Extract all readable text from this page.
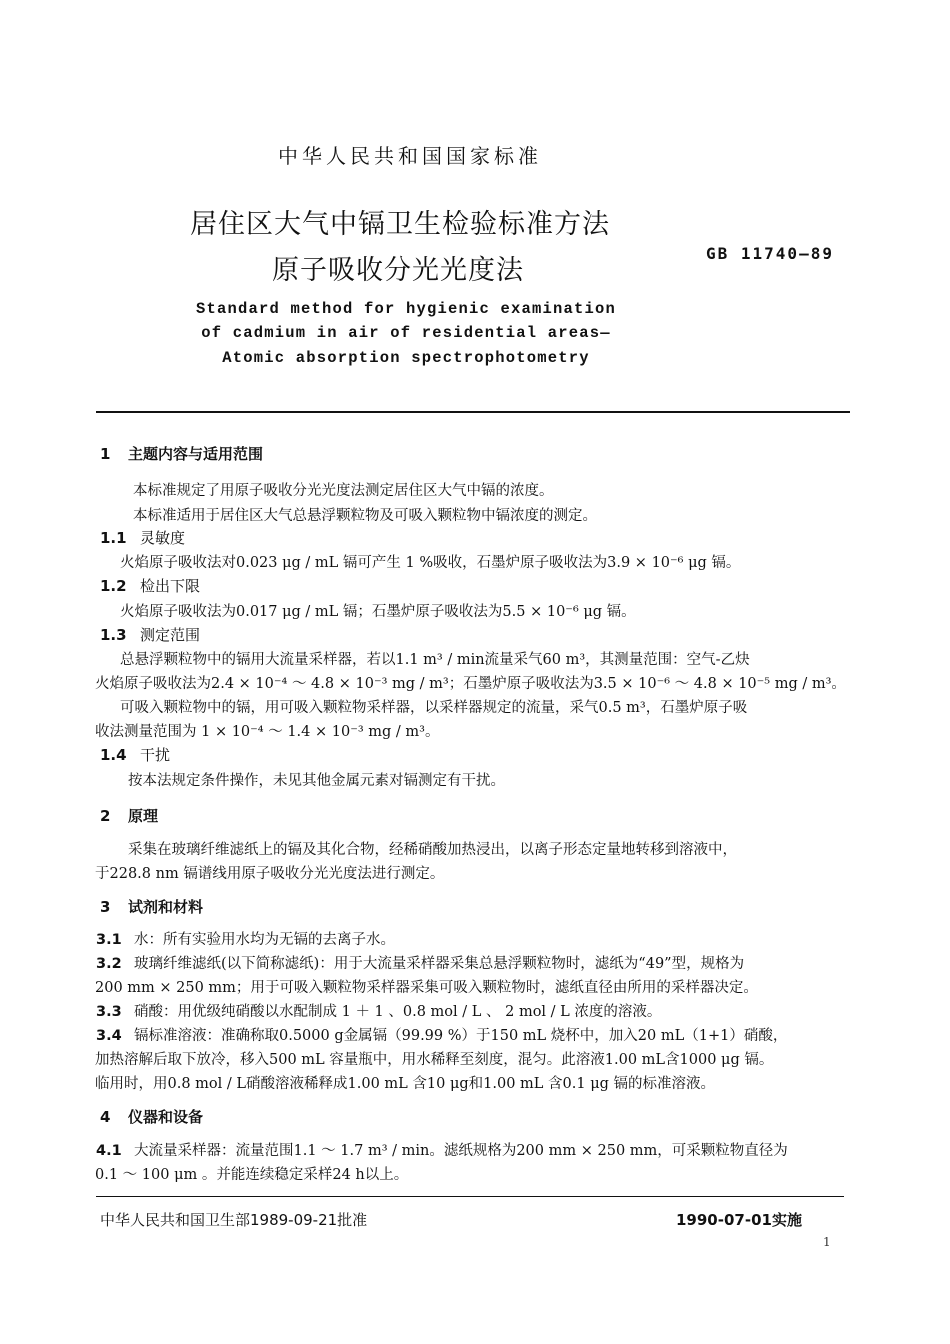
中华人民共和国国家标准
居住区大气中镉卫生检验标准方法
原子吸收分光光度法
GB 11740—89
Standard method for hygienic examination
of cadmium in air of residential areas—
Atomic absorption spectrophotometry
1 主题内容与适用范围
本标准规定了用原子吸收分光光度法测定居住区大气中镉的浓度。
本标准适用于居住区大气总悬浮颗粒物及可吸入颗粒物中镉浓度的测定。
1.1 灵敏度
火焰原子吸收法对0.023 μg / mL 镉可产生 1 %吸收，石墨炉原子吸收法为3.9 × 10⁻⁶ μg 镉。
1.2 检出下限
火焰原子吸收法为0.017 μg / mL 镉；石墨炉原子吸收法为5.5 × 10⁻⁶ μg 镉。
1.3 测定范围
总悬浮颗粒物中的镉用大流量采样器，若以1.1 m³ / min流量采气60 m³，其测量范围：空气-乙炔
火焰原子吸收法为2.4 × 10⁻⁴ ～ 4.8 × 10⁻³ mg / m³；石墨炉原子吸收法为3.5 × 10⁻⁶ ～ 4.8 × 10⁻⁵ mg / m³。
可吸入颗粒物中的镉，用可吸入颗粒物采样器，以采样器规定的流量，采气0.5 m³，石墨炉原子吸
收法测量范围为 1 × 10⁻⁴ ～ 1.4 × 10⁻³ mg / m³。
1.4 干扰
按本法规定条件操作，未见其他金属元素对镉测定有干扰。
2 原理
采集在玻璃纤维滤纸上的镉及其化合物，经稀硝酸加热浸出，以离子形态定量地转移到溶液中，
于228.8 nm 镉谱线用原子吸收分光光度法进行测定。
3 试剂和材料
3.1 水：所有实验用水均为无镉的去离子水。
3.2 玻璃纤维滤纸(以下简称滤纸)：用于大流量采样器采集总悬浮颗粒物时，滤纸为“49”型，规格为
200 mm × 250 mm；用于可吸入颗粒物采样器采集可吸入颗粒物时，滤纸直径由所用的采样器决定。
3.3 硝酸：用优级纯硝酸以水配制成 1 ＋ 1 、0.8 mol / L 、 2 mol / L 浓度的溶液。
3.4 镉标准溶液：准确称取0.5000 g金属镉（99.99 %）于150 mL 烧杯中，加入20 mL（1+1）硝酸，
加热溶解后取下放冷，移入500 mL 容量瓶中，用水稀释至刻度，混匀。此溶液1.00 mL含1000 μg 镉。
临用时，用0.8 mol / L硝酸溶液稀释成1.00 mL 含10 μg和1.00 mL 含0.1 μg 镉的标准溶液。
4 仪器和设备
4.1 大流量采样器：流量范围1.1 ～ 1.7 m³ / min。滤纸规格为200 mm × 250 mm，可采颗粒物直径为
0.1 ～ 100 μm 。并能连续稳定采样24 h以上。
中华人民共和国卫生部1989-09-21批准	1990-07-01实施
1
